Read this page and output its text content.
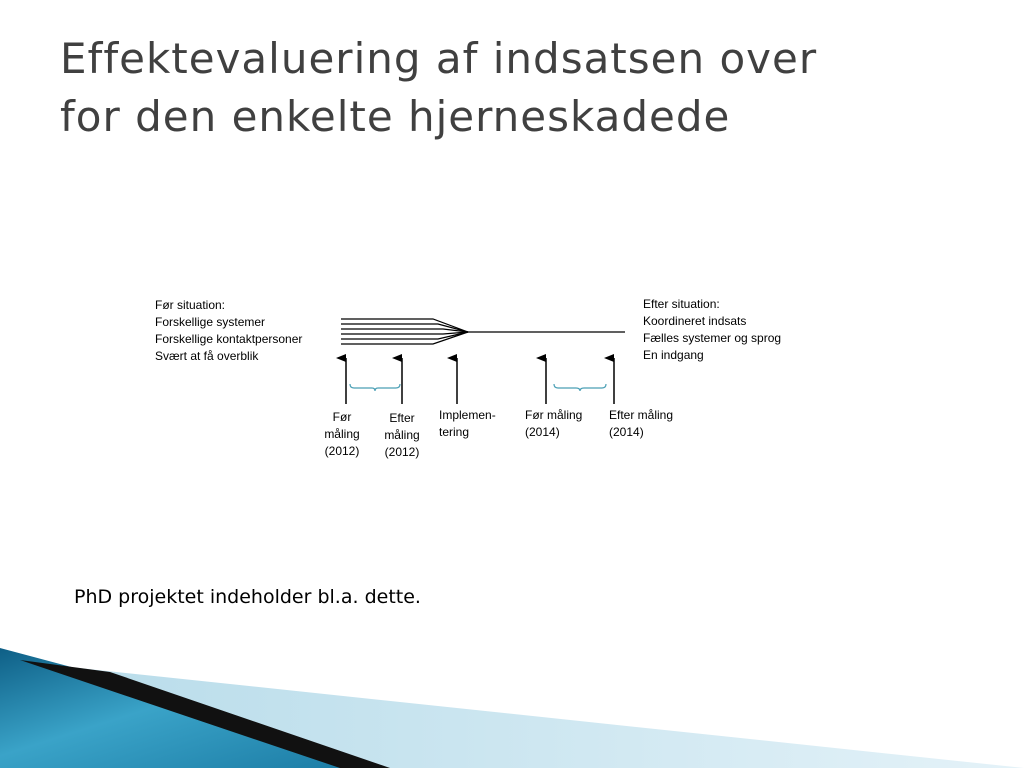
Effektevaluering af indsatsen over
for den enkelte hjerneskadede
Før situation:
Forskellige systemer
Forskellige kontaktpersoner
Svært at få overblik
Efter situation:
Koordineret indsats
Fælles systemer og sprog
En indgang
Før
måling
(2012)
Efter
måling
(2012)
Implemen-
tering
Før måling
(2014)
Efter måling
(2014)
PhD projektet indeholder bl.a. dette.
